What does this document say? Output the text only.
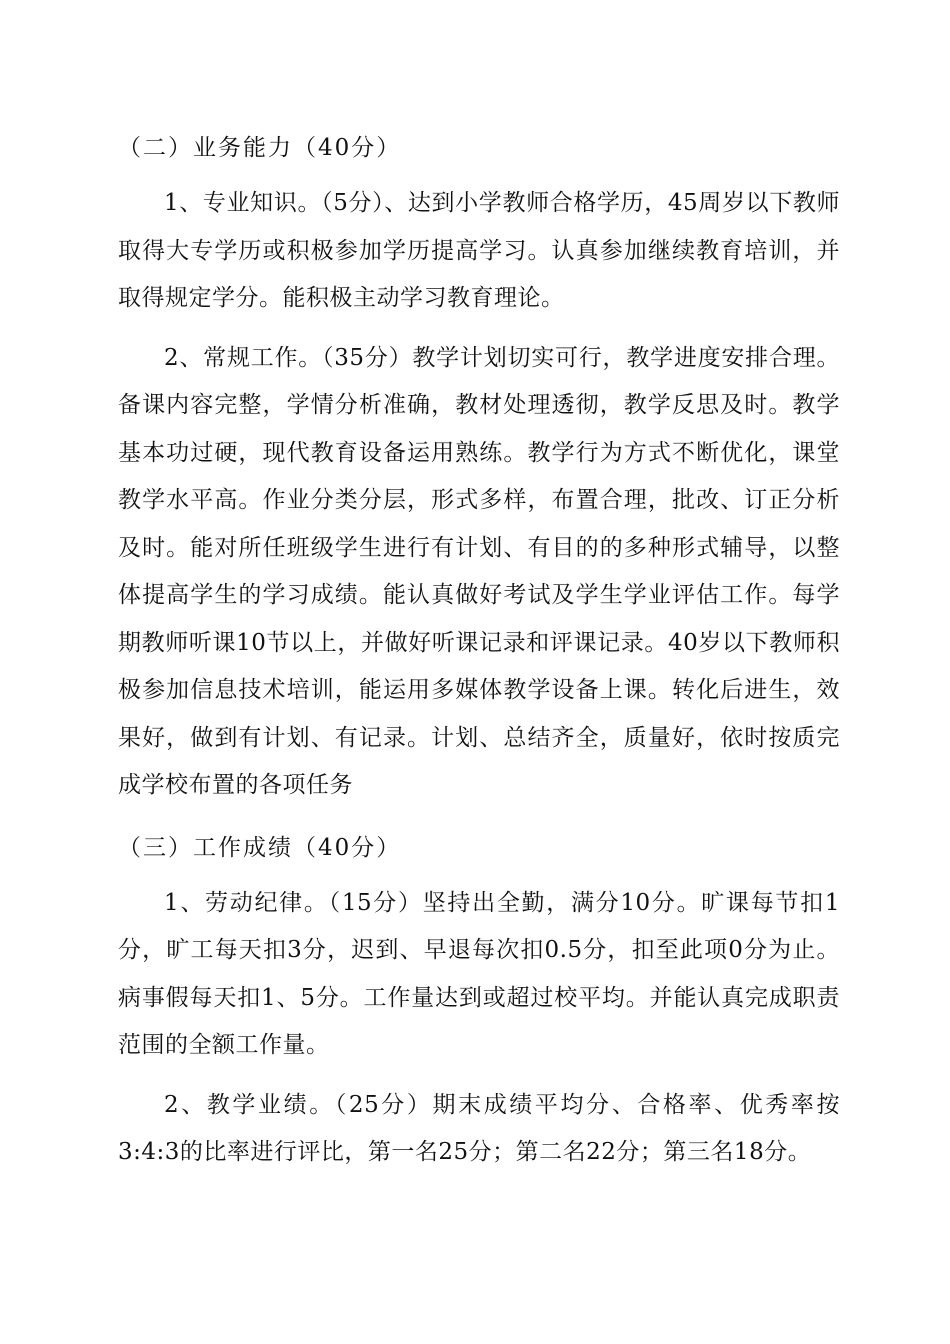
（二）业务能力（40分）

1、专业知识。（5分）、达到小学教师合格学历，45周岁以下教师取得大专学历或积极参加学历提高学习。认真参加继续教育培训，并取得规定学分。能积极主动学习教育理论。

2、常规工作。（35分）教学计划切实可行，教学进度安排合理。备课内容完整，学情分析准确，教材处理透彻，教学反思及时。教学基本功过硬，现代教育设备运用熟练。教学行为方式不断优化，课堂教学水平高。作业分类分层，形式多样，布置合理，批改、订正分析及时。能对所任班级学生进行有计划、有目的的多种形式辅导，以整体提高学生的学习成绩。能认真做好考试及学生学业评估工作。每学期教师听课10节以上，并做好听课记录和评课记录。40岁以下教师积极参加信息技术培训，能运用多媒体教学设备上课。转化后进生，效果好，做到有计划、有记录。计划、总结齐全，质量好，依时按质完成学校布置的各项任务

（三）工作成绩（40分）

1、劳动纪律。（15分）坚持出全勤，满分10分。旷课每节扣1分，旷工每天扣3分，迟到、早退每次扣0.5分，扣至此项0分为止。病事假每天扣1、5分。工作量达到或超过校平均。并能认真完成职责范围的全额工作量。

2、教学业绩。（25分）期末成绩平均分、合格率、优秀率按3:4:3的比率进行评比，第一名25分；第二名22分；第三名18分。
